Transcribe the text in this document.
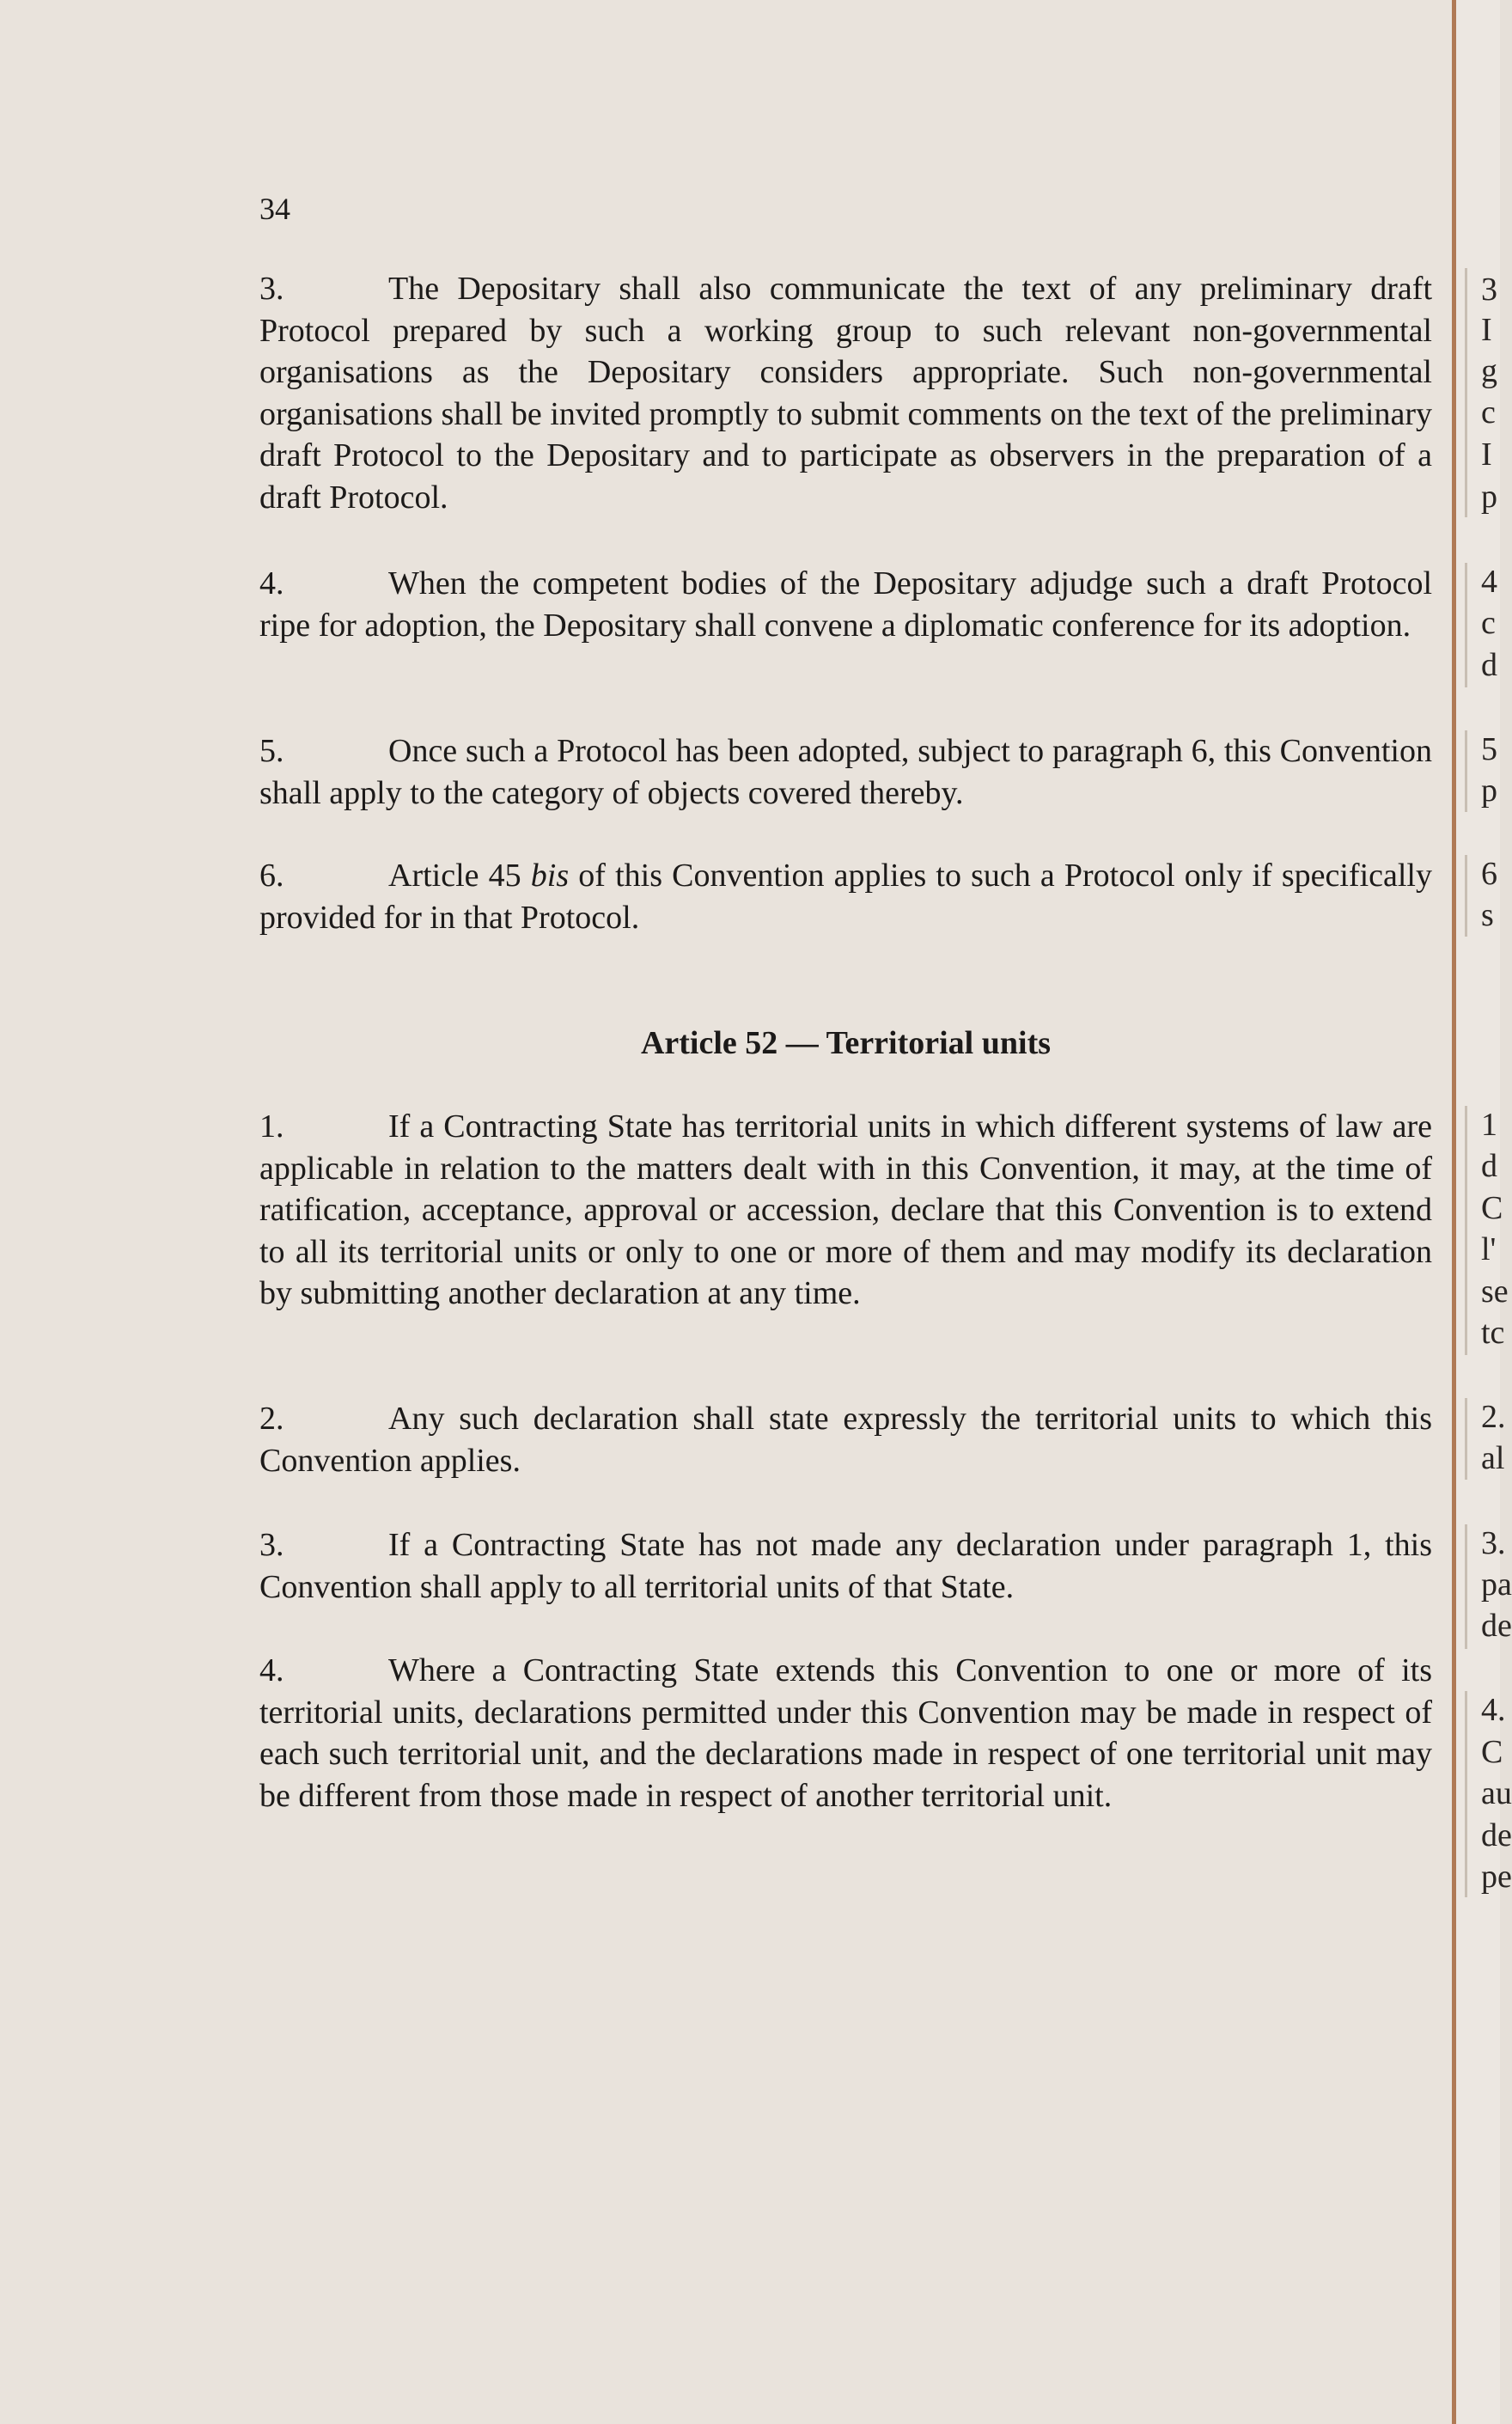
34
3.	The Depositary shall also communicate the text of any preliminary draft Protocol prepared by such a working group to such relevant non-governmental organisations as the Depositary considers appropriate. Such non-governmental organisations shall be invited promptly to submit comments on the text of the preliminary draft Protocol to the Depositary and to participate as observers in the preparation of a draft Protocol.
4.	When the competent bodies of the Depositary adjudge such a draft Protocol ripe for adoption, the Depositary shall convene a diplomatic conference for its adoption.
5.	Once such a Protocol has been adopted, subject to paragraph 6, this Convention shall apply to the category of objects covered thereby.
6.	Article 45 bis of this Convention applies to such a Protocol only if specifically provided for in that Protocol.
Article 52 — Territorial units
1.	If a Contracting State has territorial units in which different systems of law are applicable in relation to the matters dealt with in this Convention, it may, at the time of ratification, acceptance, approval or accession, declare that this Convention is to extend to all its territorial units or only to one or more of them and may modify its declaration by submitting another declaration at any time.
2.	Any such declaration shall state expressly the territorial units to which this Convention applies.
3.	If a Contracting State has not made any declaration under paragraph 1, this Convention shall apply to all territorial units of that State.
4.	Where a Contracting State extends this Convention to one or more of its territorial units, declarations permitted under this Convention may be made in respect of each such territorial unit, and the declarations made in respect of one territorial unit may be different from those made in respect of another territorial unit.
3
I
g
c
I
p
4
c
d
5
p
6
s
1
d
C
l'
se
tc
2.
al
3.
pa
de
4.
C
au
de
pe
